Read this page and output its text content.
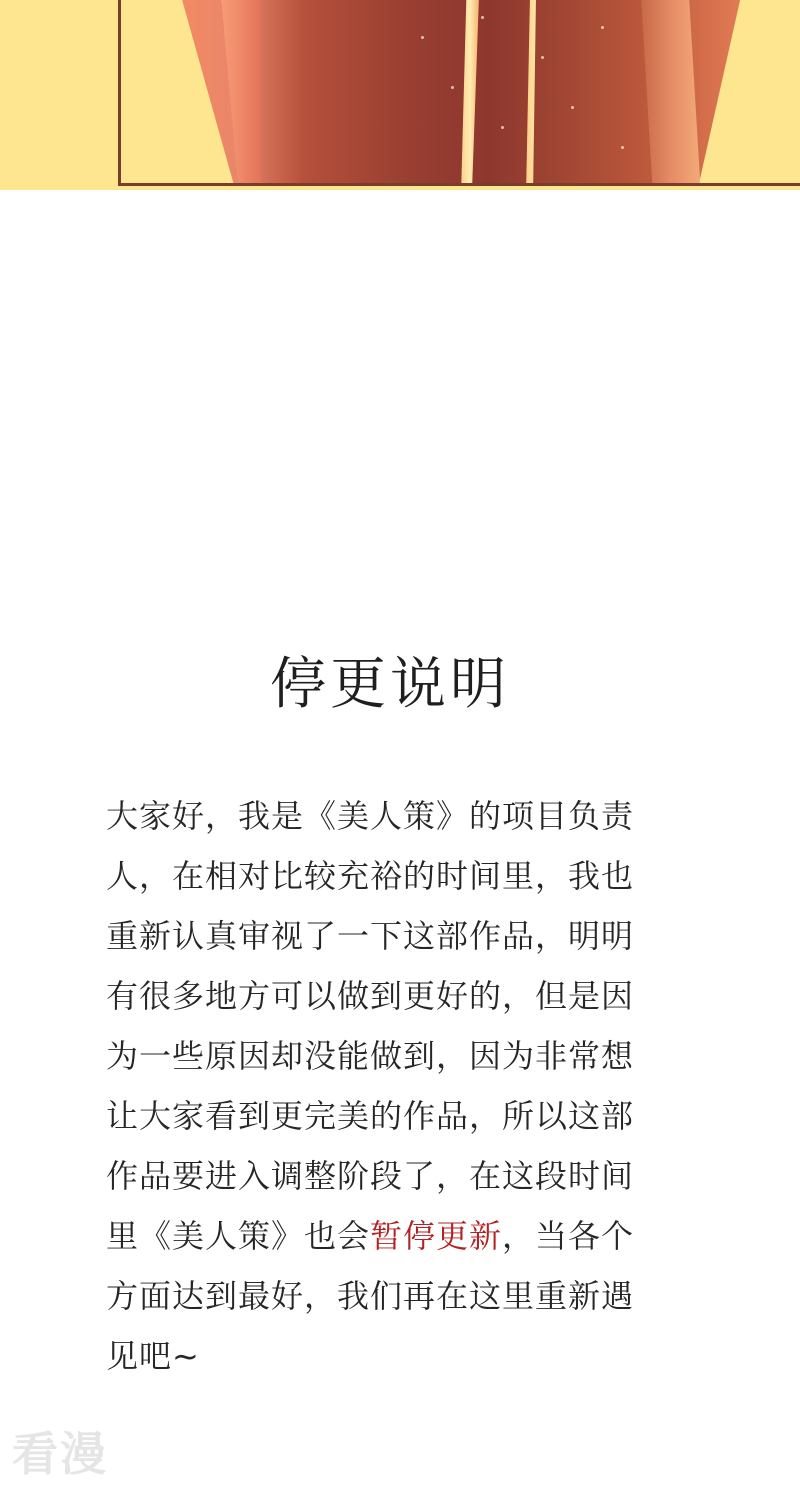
停更说明
大家好，我是《美人策》的项目负责
人，在相对比较充裕的时间里，我也
重新认真审视了一下这部作品，明明
有很多地方可以做到更好的，但是因
为一些原因却没能做到，因为非常想
让大家看到更完美的作品，所以这部
作品要进入调整阶段了，在这段时间
里《美人策》也会暂停更新，当各个
方面达到最好，我们再在这里重新遇
见吧~
看漫
